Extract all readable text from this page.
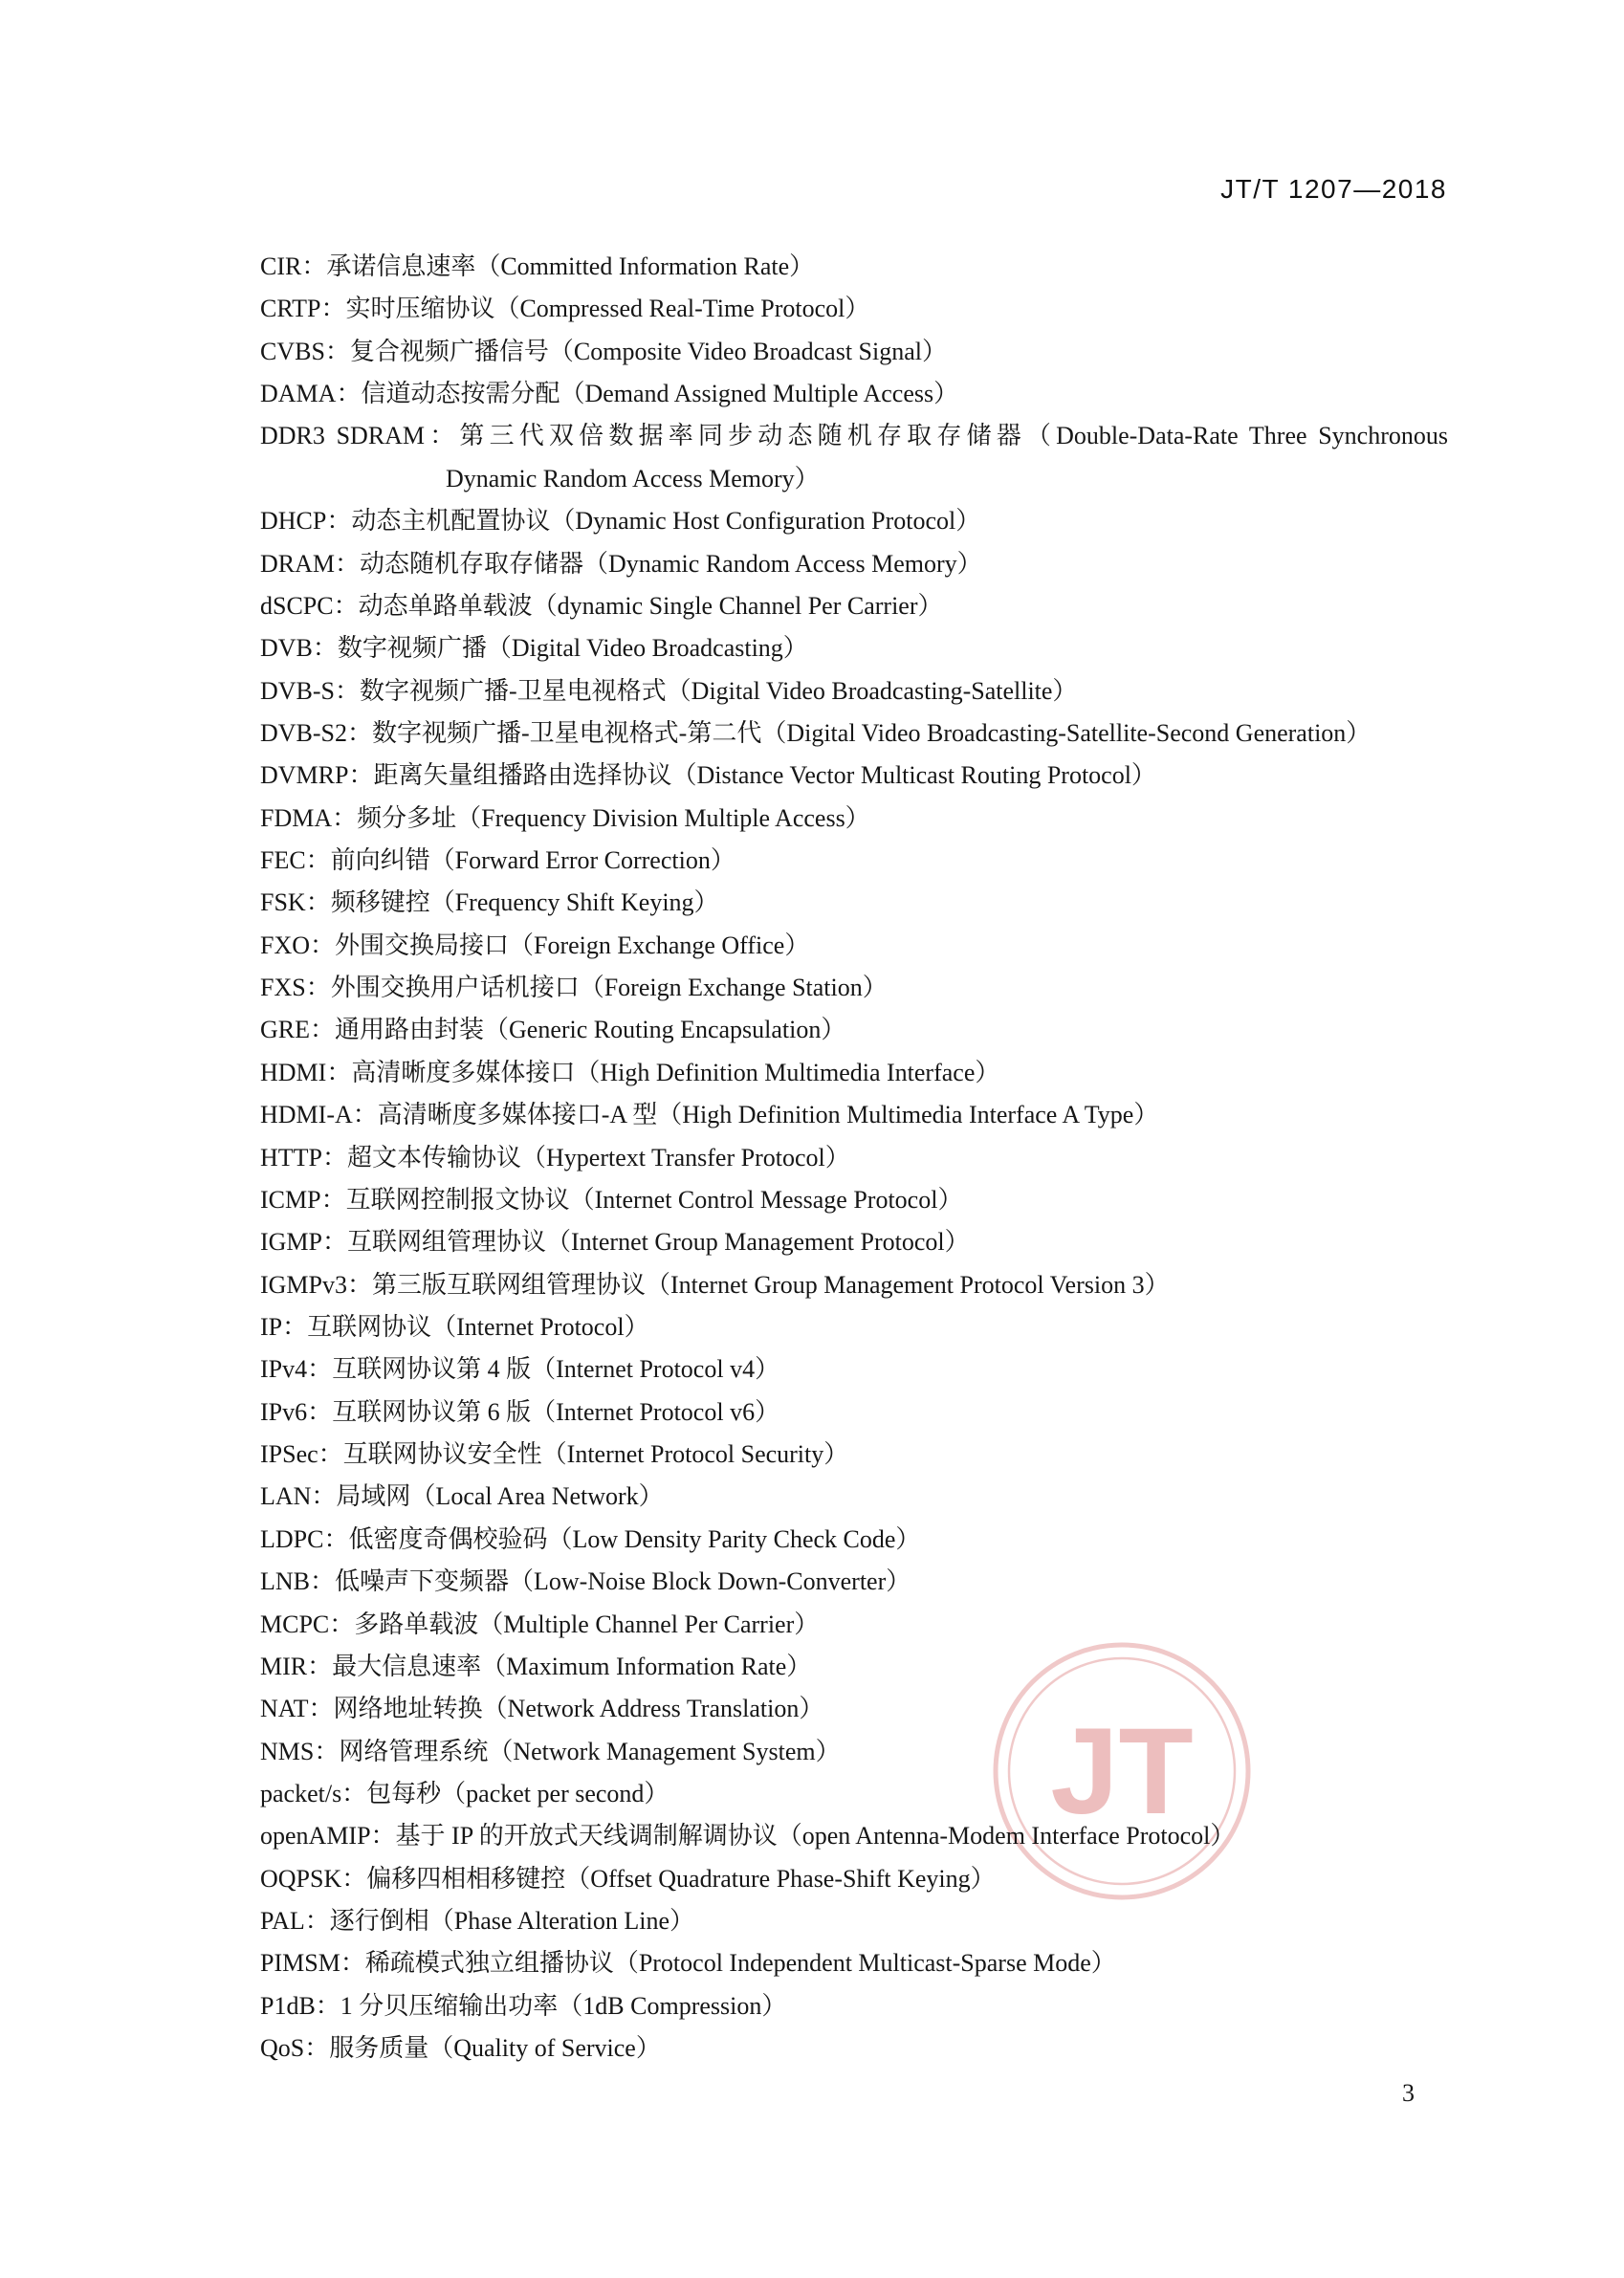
JT/T 1207—2018
JT
CIR：承诺信息速率（Committed Information Rate）
CRTP：实时压缩协议（Compressed Real-Time Protocol）
CVBS：复合视频广播信号（Composite Video Broadcast Signal）
DAMA：信道动态按需分配（Demand Assigned Multiple Access）
DDR3 SDRAM：第三代双倍数据率同步动态随机存取存储器（Double-Data-Rate Three Synchronous
Dynamic Random Access Memory）
DHCP：动态主机配置协议（Dynamic Host Configuration Protocol）
DRAM：动态随机存取存储器（Dynamic Random Access Memory）
dSCPC：动态单路单载波（dynamic Single Channel Per Carrier）
DVB：数字视频广播（Digital Video Broadcasting）
DVB-S：数字视频广播-卫星电视格式（Digital Video Broadcasting-Satellite）
DVB-S2：数字视频广播-卫星电视格式-第二代（Digital Video Broadcasting-Satellite-Second Generation）
DVMRP：距离矢量组播路由选择协议（Distance Vector Multicast Routing Protocol）
FDMA：频分多址（Frequency Division Multiple Access）
FEC：前向纠错（Forward Error Correction）
FSK：频移键控（Frequency Shift Keying）
FXO：外围交换局接口（Foreign Exchange Office）
FXS：外围交换用户话机接口（Foreign Exchange Station）
GRE：通用路由封装（Generic Routing Encapsulation）
HDMI：高清晰度多媒体接口（High Definition Multimedia Interface）
HDMI-A：高清晰度多媒体接口-A 型（High Definition Multimedia Interface A Type）
HTTP：超文本传输协议（Hypertext Transfer Protocol）
ICMP：互联网控制报文协议（Internet Control Message Protocol）
IGMP：互联网组管理协议（Internet Group Management Protocol）
IGMPv3：第三版互联网组管理协议（Internet Group Management Protocol Version 3）
IP：互联网协议（Internet Protocol）
IPv4：互联网协议第 4 版（Internet Protocol v4）
IPv6：互联网协议第 6 版（Internet Protocol v6）
IPSec：互联网协议安全性（Internet Protocol Security）
LAN：局域网（Local Area Network）
LDPC：低密度奇偶校验码（Low Density Parity Check Code）
LNB：低噪声下变频器（Low-Noise Block Down-Converter）
MCPC：多路单载波（Multiple Channel Per Carrier）
MIR：最大信息速率（Maximum Information Rate）
NAT：网络地址转换（Network Address Translation）
NMS：网络管理系统（Network Management System）
packet/s：包每秒（packet per second）
openAMIP：基于 IP 的开放式天线调制解调协议（open Antenna-Modem Interface Protocol）
OQPSK：偏移四相相移键控（Offset Quadrature Phase-Shift Keying）
PAL：逐行倒相（Phase Alteration Line）
PIMSM：稀疏模式独立组播协议（Protocol Independent Multicast-Sparse Mode）
P1dB：1 分贝压缩输出功率（1dB Compression）
QoS：服务质量（Quality of Service）
3
